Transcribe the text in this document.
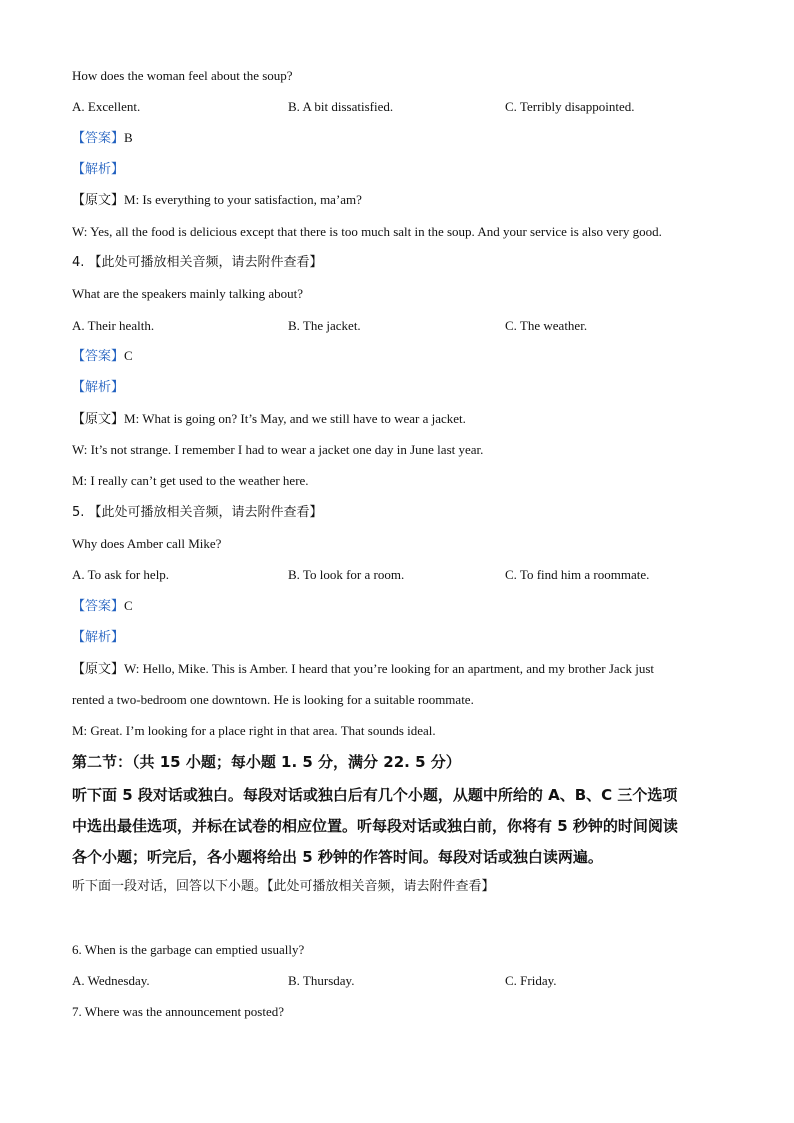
How does the woman feel about the soup?
A. Excellent.	B. A bit dissatisfied.	C. Terribly disappointed.
【答案】B
【解析】
【原文】M: Is everything to your satisfaction, ma’am?
W: Yes, all the food is delicious except that there is too much salt in the soup. And your service is also very good.
4. 【此处可播放相关音频，请去附件查看】
What are the speakers mainly talking about?
A. Their health.	B. The jacket.	C. The weather.
【答案】C
【解析】
【原文】M: What is going on? It’s May, and we still have to wear a jacket.
W: It’s not strange. I remember I had to wear a jacket one day in June last year.
M: I really can’t get used to the weather here.
5. 【此处可播放相关音频，请去附件查看】
Why does Amber call Mike?
A. To ask for help.	B. To look for a room.	C. To find him a roommate.
【答案】C
【解析】
【原文】W: Hello, Mike. This is Amber. I heard that you’re looking for an apartment, and my brother Jack just
rented a two-bedroom one downtown. He is looking for a suitable roommate.
M: Great. I’m looking for a place right in that area. That sounds ideal.
第二节：（共 15 小题；每小题 1. 5 分，满分 22. 5 分）
听下面 5 段对话或独白。每段对话或独白后有几个小题，从题中所给的 A、B、C 三个选项
中选出最佳选项，并标在试卷的相应位置。听每段对话或独白前，你将有 5 秒钟的时间阅读
各个小题；听完后，各小题将给出 5 秒钟的作答时间。每段对话或独白读两遍。
听下面一段对话，回答以下小题。【此处可播放相关音频，请去附件查看】
6. When is the garbage can emptied usually?
A. Wednesday.	B. Thursday.	C. Friday.
7. Where was the announcement posted?
